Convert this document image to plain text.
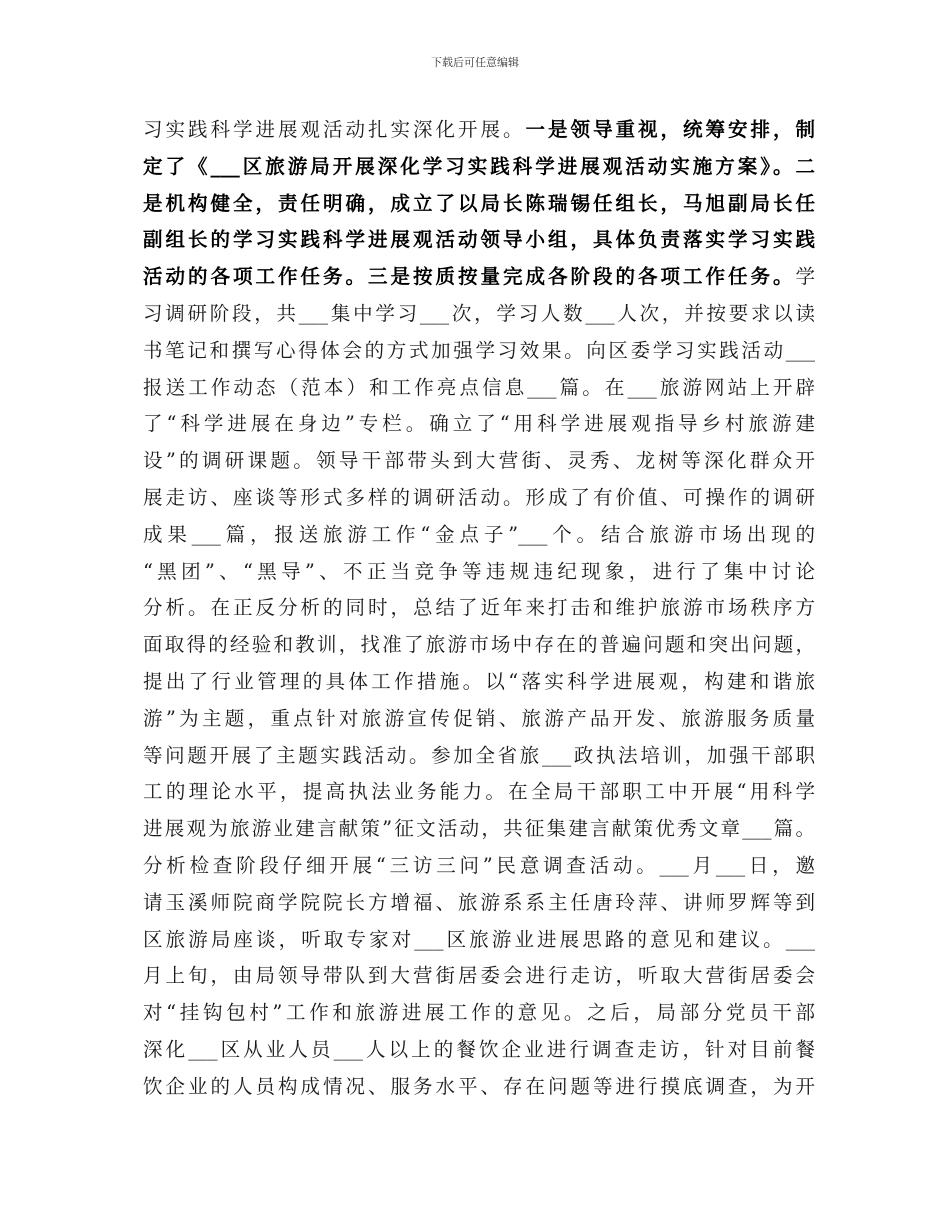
下载后可任意编辑
习实践科学进展观活动扎实深化开展。一是领导重视，统筹安排，制
定了《___区旅游局开展深化学习实践科学进展观活动实施方案》。二
是机构健全，责任明确，成立了以局长陈瑞锡任组长，马旭副局长任
副组长的学习实践科学进展观活动领导小组，具体负责落实学习实践
活动的各项工作任务。三是按质按量完成各阶段的各项工作任务。学
习调研阶段，共___集中学习___次，学习人数___人次，并按要求以读
书笔记和撰写心得体会的方式加强学习效果。向区委学习实践活动___
报送工作动态（范本）和工作亮点信息___篇。在___旅游网站上开辟
了“科学进展在身边”专栏。确立了“用科学进展观指导乡村旅游建
设”的调研课题。领导干部带头到大营街、灵秀、龙树等深化群众开
展走访、座谈等形式多样的调研活动。形成了有价值、可操作的调研
成果___篇，报送旅游工作“金点子”___个。结合旅游市场出现的
“黑团”、“黑导”、不正当竞争等违规违纪现象，进行了集中讨论
分析。在正反分析的同时，总结了近年来打击和维护旅游市场秩序方
面取得的经验和教训，找准了旅游市场中存在的普遍问题和突出问题，
提出了行业管理的具体工作措施。以“落实科学进展观，构建和谐旅
游”为主题，重点针对旅游宣传促销、旅游产品开发、旅游服务质量
等问题开展了主题实践活动。参加全省旅___政执法培训，加强干部职
工的理论水平，提高执法业务能力。在全局干部职工中开展“用科学
进展观为旅游业建言献策”征文活动，共征集建言献策优秀文章___篇。
分析检查阶段仔细开展“三访三问”民意调查活动。___月___日，邀
请玉溪师院商学院院长方增福、旅游系系主任唐玲萍、讲师罗辉等到
区旅游局座谈，听取专家对___区旅游业进展思路的意见和建议。___
月上旬，由局领导带队到大营街居委会进行走访，听取大营街居委会
对“挂钩包村”工作和旅游进展工作的意见。之后，局部分党员干部
深化___区从业人员___人以上的餐饮企业进行调查走访，针对目前餐
饮企业的人员构成情况、服务水平、存在问题等进行摸底调查，为开
